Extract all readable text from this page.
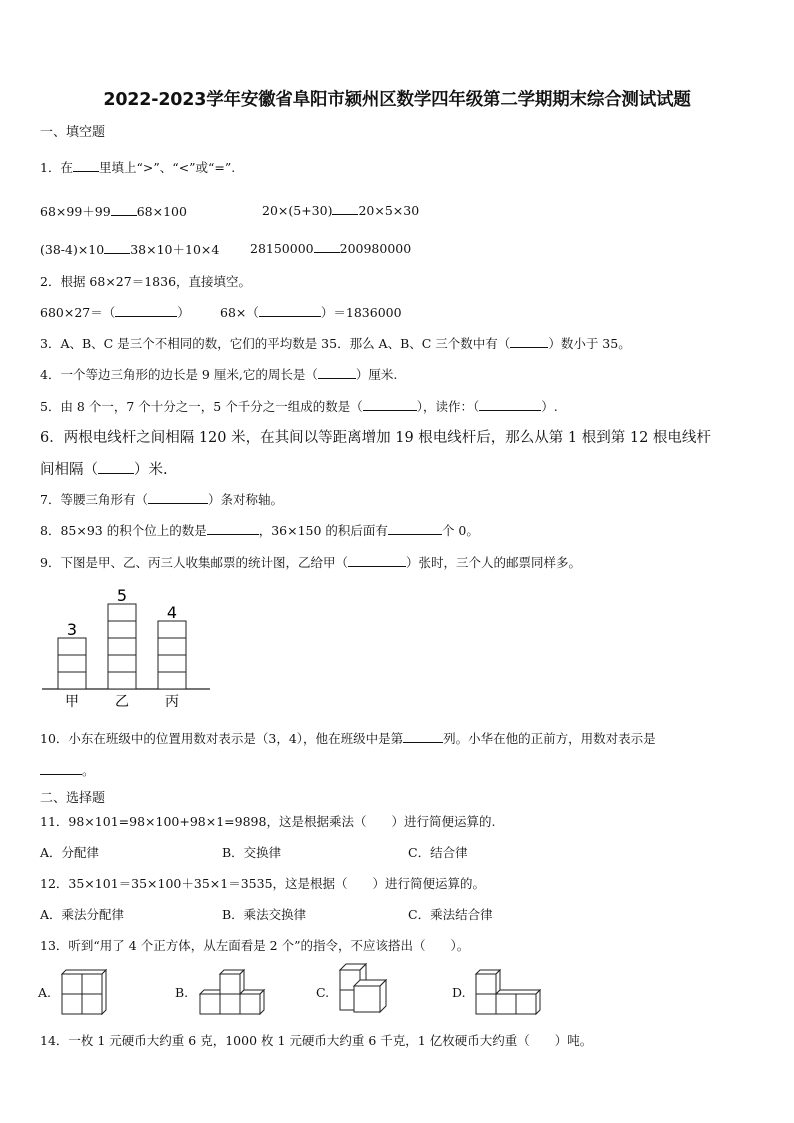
2022-2023学年安徽省阜阳市颍州区数学四年级第二学期期末综合测试试题
一、填空题
1．在 里填上“>”、“<”或“=”.
68×99＋99 68×100	20×(5+30) 20×5×30
(38-4)×10 38×10＋10×4 28150000 200980000
2．根据 68×27＝1836，直接填空。
680×27＝（	） 68×（	）＝1836000
3．A、B、C 是三个不相同的数，它们的平均数是 35．那么 A、B、C 三个数中有（	）数小于 35。
4．一个等边三角形的边长是 9 厘米,它的周长是（	）厘米.
5．由 8 个一，7 个十分之一，5 个千分之一组成的数是（	），读作：（	）.
6．两根电线杆之间相隔 120 米，在其间以等距离增加 19 根电线杆后，那么从第 1 根到第 12 根电线杆
间相隔（ ）米.
7．等腰三角形有（	）条对称轴。
8．85×93 的积个位上的数是	，36×150 的积后面有	个 0。
9．下图是甲、乙、丙三人收集邮票的统计图，乙给甲（	）张时，三个人的邮票同样多。
3
甲
5
乙
4
丙
10．小东在班级中的位置用数对表示是（3，4），他在班级中是第	列。小华在他的正前方，用数对表示是
。
二、选择题
11．98×101=98×100+98×1=9898，这是根据乘法（　　）进行简便运算的.
A．分配律	B．交换律	C．结合律
12．35×101＝35×100＋35×1＝3535，这是根据（　　）进行简便运算的。
A．乘法分配律	B．乘法交换律	C．乘法结合律
13．听到“用了 4 个正方体，从左面看是 2 个”的指令，不应该搭出（　　）。
A.	B.	C.	D.
14．一枚 1 元硬币大约重 6 克，1000 枚 1 元硬币大约重 6 千克，1 亿枚硬币大约重（　　）吨。
